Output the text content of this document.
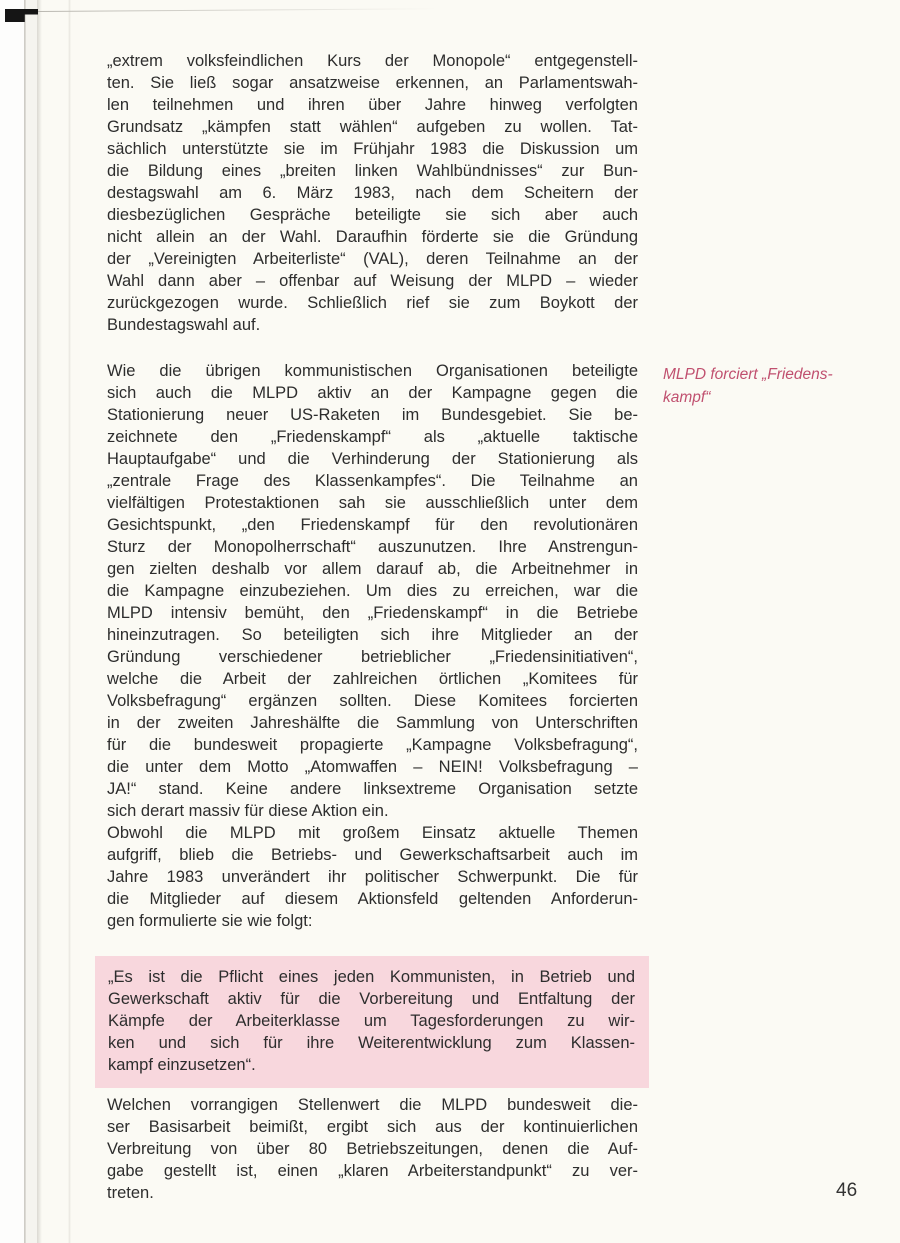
„extrem volksfeindlichen Kurs der Monopole“ entgegenstell-
ten. Sie ließ sogar ansatzweise erkennen, an Parlamentswah-
len teilnehmen und ihren über Jahre hinweg verfolgten
Grundsatz „kämpfen statt wählen“ aufgeben zu wollen. Tat-
sächlich unterstützte sie im Frühjahr 1983 die Diskussion um
die Bildung eines „breiten linken Wahlbündnisses“ zur Bun-
destagswahl am 6. März 1983, nach dem Scheitern der
diesbezüglichen Gespräche beteiligte sie sich aber auch
nicht allein an der Wahl. Daraufhin förderte sie die Gründung
der „Vereinigten Arbeiterliste“ (VAL), deren Teilnahme an der
Wahl dann aber – offenbar auf Weisung der MLPD – wieder
zurückgezogen wurde. Schließlich rief sie zum Boykott der
Bundestagswahl auf.
Wie die übrigen kommunistischen Organisationen beteiligte
sich auch die MLPD aktiv an der Kampagne gegen die
Stationierung neuer US-Raketen im Bundesgebiet. Sie be-
zeichnete den „Friedenskampf“ als „aktuelle taktische
Hauptaufgabe“ und die Verhinderung der Stationierung als
„zentrale Frage des Klassenkampfes“. Die Teilnahme an
vielfältigen Protestaktionen sah sie ausschließlich unter dem
Gesichtspunkt, „den Friedenskampf für den revolutionären
Sturz der Monopolherrschaft“ auszunutzen. Ihre Anstrengun-
gen zielten deshalb vor allem darauf ab, die Arbeitnehmer in
die Kampagne einzubeziehen. Um dies zu erreichen, war die
MLPD intensiv bemüht, den „Friedenskampf“ in die Betriebe
hineinzutragen. So beteiligten sich ihre Mitglieder an der
Gründung verschiedener betrieblicher „Friedensinitiativen“,
welche die Arbeit der zahlreichen örtlichen „Komitees für
Volksbefragung“ ergänzen sollten. Diese Komitees forcierten
in der zweiten Jahreshälfte die Sammlung von Unterschriften
für die bundesweit propagierte „Kampagne Volksbefragung“,
die unter dem Motto „Atomwaffen – NEIN! Volksbefragung –
JA!“ stand. Keine andere linksextreme Organisation setzte
sich derart massiv für diese Aktion ein.
Obwohl die MLPD mit großem Einsatz aktuelle Themen
aufgriff, blieb die Betriebs- und Gewerkschaftsarbeit auch im
Jahre 1983 unverändert ihr politischer Schwerpunkt. Die für
die Mitglieder auf diesem Aktionsfeld geltenden Anforderun-
gen formulierte sie wie folgt:
„Es ist die Pflicht eines jeden Kommunisten, in Betrieb und
Gewerkschaft aktiv für die Vorbereitung und Entfaltung der
Kämpfe der Arbeiterklasse um Tagesforderungen zu wir-
ken und sich für ihre Weiterentwicklung zum Klassen-
kampf einzusetzen“.
Welchen vorrangigen Stellenwert die MLPD bundesweit die-
ser Basisarbeit beimißt, ergibt sich aus der kontinuierlichen
Verbreitung von über 80 Betriebszeitungen, denen die Auf-
gabe gestellt ist, einen „klaren Arbeiterstandpunkt“ zu ver-
treten.
MLPD forciert „Friedens-
kampf“
46
